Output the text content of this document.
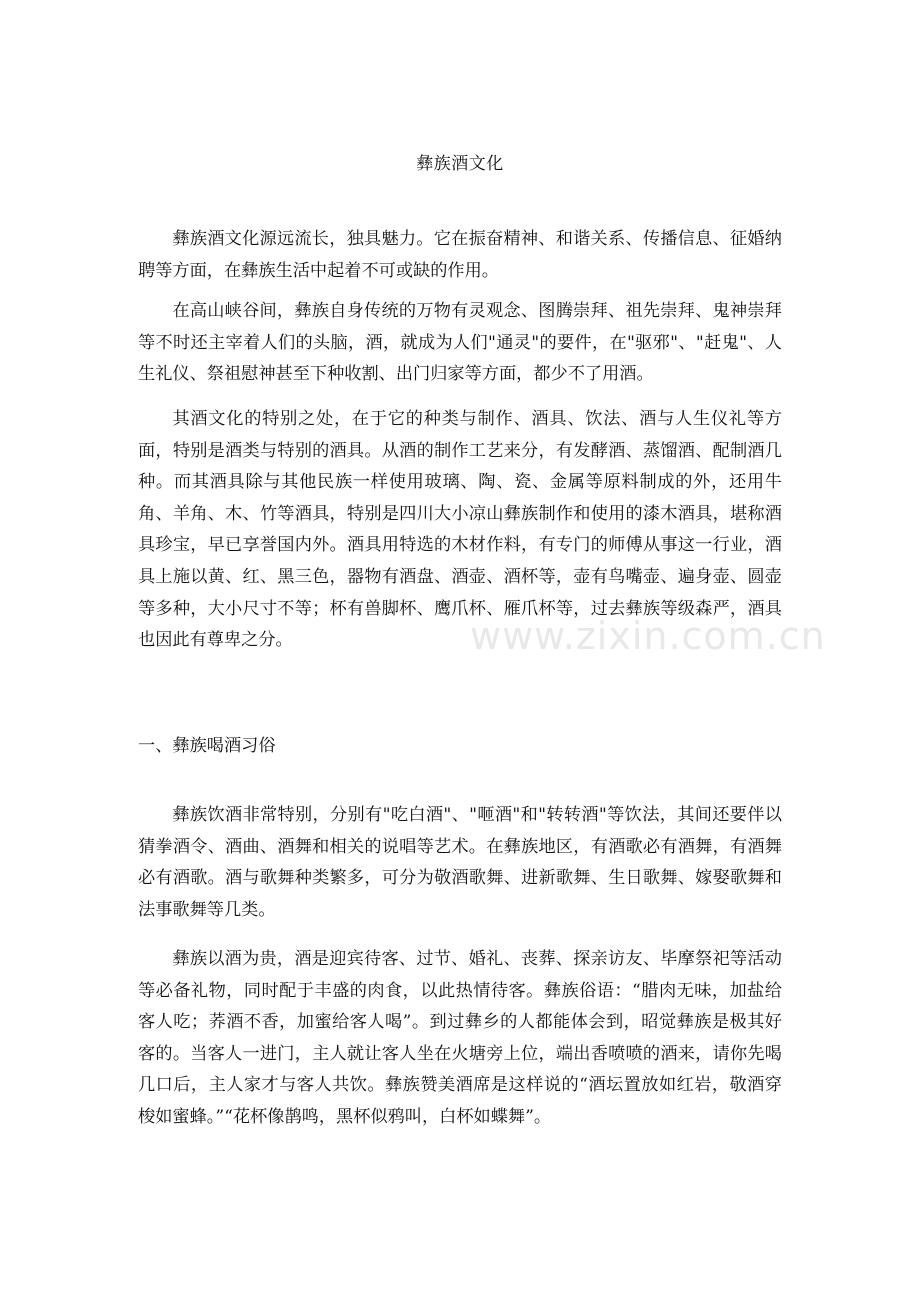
彝族酒文化

彝族酒文化源远流长，独具魅力。它在振奋精神、和谐关系、传播信息、征婚纳聘等方面，在彝族生活中起着不可或缺的作用。

在高山峡谷间，彝族自身传统的万物有灵观念、图腾崇拜、祖先崇拜、鬼神崇拜等不时还主宰着人们的头脑，酒，就成为人们"通灵"的要件，在"驱邪"、"赶鬼"、人生礼仪、祭祖慰神甚至下种收割、出门归家等方面，都少不了用酒。

其酒文化的特别之处，在于它的种类与制作、酒具、饮法、酒与人生仪礼等方面，特别是酒类与特别的酒具。从酒的制作工艺来分，有发酵酒、蒸馏酒、配制酒几种。而其酒具除与其他民族一样使用玻璃、陶、瓷、金属等原料制成的外，还用牛角、羊角、木、竹等酒具，特别是四川大小凉山彝族制作和使用的漆木酒具，堪称酒具珍宝，早已享誉国内外。酒具用特选的木材作料，有专门的师傅从事这一行业，酒具上施以黄、红、黑三色，器物有酒盘、酒壶、酒杯等，壶有鸟嘴壶、遍身壶、圆壶等多种，大小尺寸不等；杯有兽脚杯、鹰爪杯、雁爪杯等，过去彝族等级森严，酒具也因此有尊卑之分。	www.zixin.com.cn
一、彝族喝酒习俗

彝族饮酒非常特别，分别有"吃白酒"、"咂酒"和"转转酒"等饮法，其间还要伴以猜拳酒令、酒曲、酒舞和相关的说唱等艺术。在彝族地区，有酒歌必有酒舞，有酒舞必有酒歌。酒与歌舞种类繁多，可分为敬酒歌舞、进新歌舞、生日歌舞、嫁娶歌舞和法事歌舞等几类。

彝族以酒为贵，酒是迎宾待客、过节、婚礼、丧葬、探亲访友、毕摩祭祀等活动等必备礼物，同时配于丰盛的肉食，以此热情待客。彝族俗语：“腊肉无味，加盐给客人吃；荞酒不香，加蜜给客人喝”。到过彝乡的人都能体会到，昭觉彝族是极其好客的。当客人一进门，主人就让客人坐在火塘旁上位，端出香喷喷的酒来，请你先喝几口后，主人家才与客人共饮。彝族赞美酒席是这样说的“酒坛置放如红岩，敬酒穿梭如蜜蜂。”“花杯像鹊鸣，黑杯似鸦叫，白杯如蝶舞”。
